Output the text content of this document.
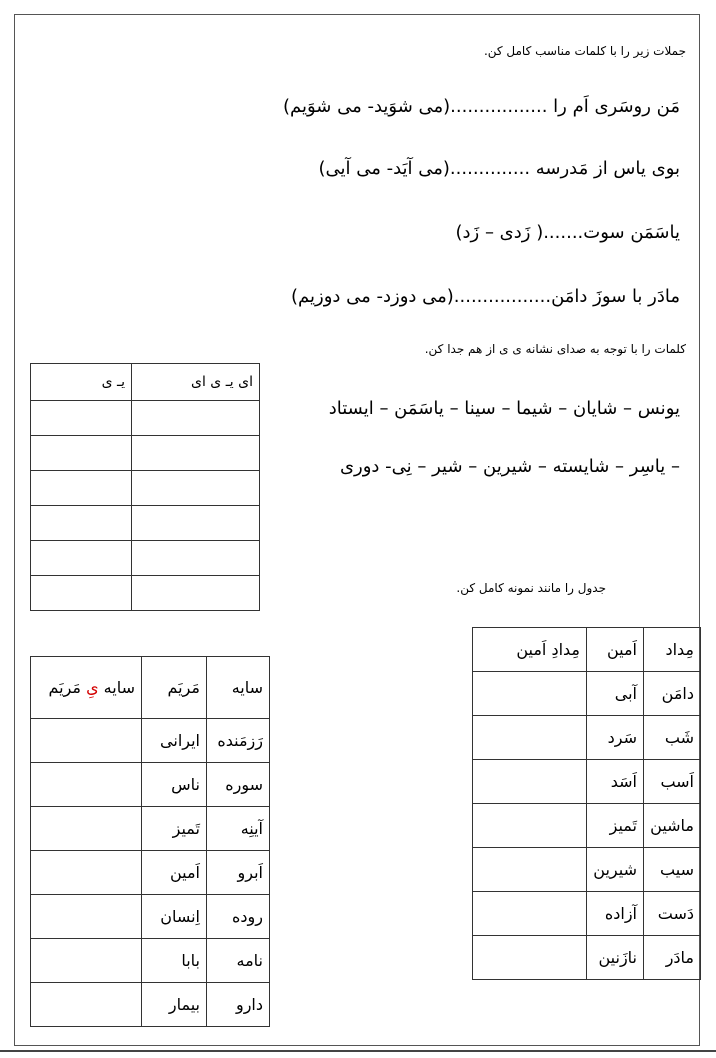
جملات زیر را با کلمات مناسب کامل کن.
مَن روسَری اَم را .................(می شوَید- می شوَیم)
بوی یاس از مَدرسه ..............(می آیَد- می آیی)
یاسَمَن سوت.......( زَدی – زَد)
مادَر با سوزَ دامَن.................(می دوزد- می دوزیم)
کلمات را با توجه به صدای نشانه ی ی از هم جدا کن.
یونس – شایان – شیما – سینا – یاسَمَن – ایستاد
– یاسِر – شایسته – شیرین – شیر – نِی- دوری
ای یـ ی ای	یـ ی

جدول را مانند نمونه کامل کن.
مِداد	اَمین	مِدادِ اَمین
دامَن	آبی	
شَب	سَرد	
اَسب	اَسَد	
ماشین	تَمیز	
سیب	شیرین	
دَست	آزاده	
مادَر	نازَنین	
سایه	مَریَم	سایه یِ مَریَم
رَزمَنده	ایرانی	
سوره	ناس	
آینِه	تَمیز	
اَبرو	اَمین	
روده	اِنسان	
نامه	بابا	
دارو	بیمار	
